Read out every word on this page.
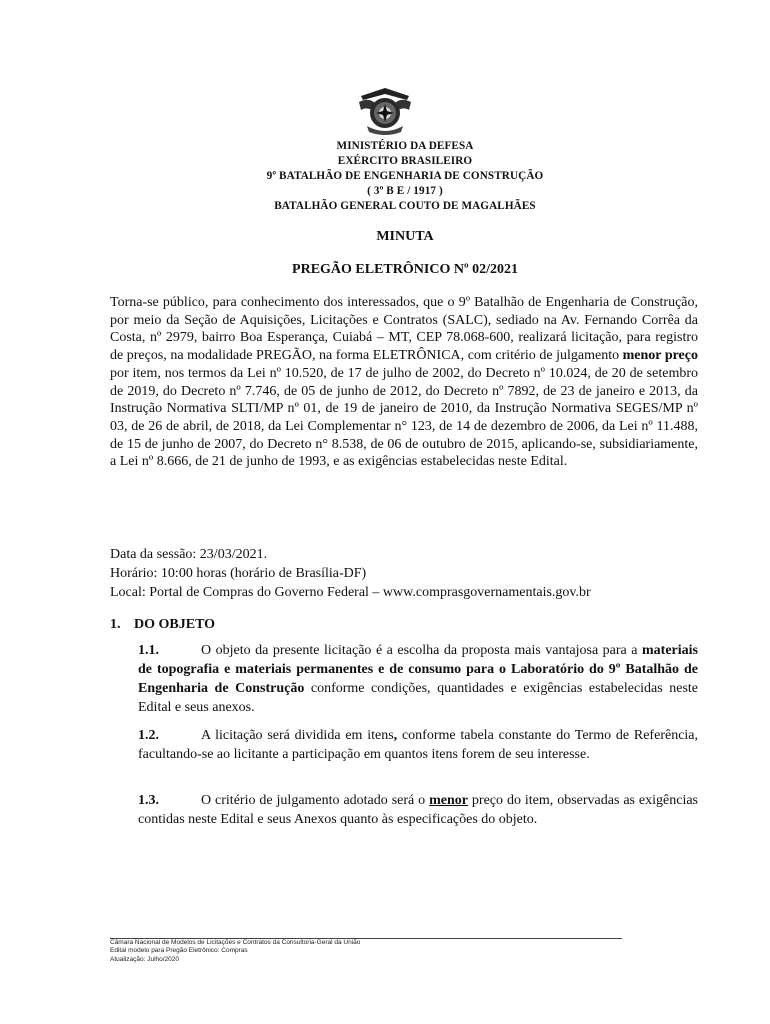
MINISTÉRIO DA DEFESA
EXÉRCITO BRASILEIRO
9º BATALHÃO DE ENGENHARIA DE CONSTRUÇÃO
( 3º B E / 1917 )
BATALHÃO GENERAL COUTO DE MAGALHÃES
MINUTA
PREGÃO ELETRÔNICO Nº 02/2021
Torna-se público, para conhecimento dos interessados, que o 9º Batalhão de Engenharia de Construção, por meio da Seção de Aquisições, Licitações e Contratos (SALC), sediado na Av. Fernando Corrêa da Costa, nº 2979, bairro Boa Esperança, Cuiabá – MT, CEP 78.068-600, realizará licitação, para registro de preços, na modalidade PREGÃO, na forma ELETRÔNICA, com critério de julgamento menor preço por item, nos termos da Lei nº 10.520, de 17 de julho de 2002, do Decreto nº 10.024, de 20 de setembro de 2019, do Decreto nº 7.746, de 05 de junho de 2012, do Decreto nº 7892, de 23 de janeiro e 2013, da Instrução Normativa SLTI/MP nº 01, de 19 de janeiro de 2010, da Instrução Normativa SEGES/MP nº 03, de 26 de abril, de 2018, da Lei Complementar n° 123, de 14 de dezembro de 2006, da Lei nº 11.488, de 15 de junho de 2007, do Decreto n° 8.538, de 06 de outubro de 2015, aplicando-se, subsidiariamente, a Lei nº 8.666, de 21 de junho de 1993, e as exigências estabelecidas neste Edital.
Data da sessão: 23/03/2021.
Horário: 10:00 horas (horário de Brasília-DF)
Local: Portal de Compras do Governo Federal – www.comprasgovernamentais.gov.br
1. DO OBJETO
1.1.	O objeto da presente licitação é a escolha da proposta mais vantajosa para a materiais de topografia e materiais permanentes e de consumo para o Laboratório do 9º Batalhão de Engenharia de Construção conforme condições, quantidades e exigências estabelecidas neste Edital e seus anexos.
1.2.	A licitação será dividida em itens, conforme tabela constante do Termo de Referência, facultando-se ao licitante a participação em quantos itens forem de seu interesse.
1.3.	O critério de julgamento adotado será o menor preço do item, observadas as exigências contidas neste Edital e seus Anexos quanto às especificações do objeto.
Câmara Nacional de Modelos de Licitações e Contratos da Consultoria-Geral da União
Edital modelo para Pregão Eletrônico: Compras
Atualização: Julho/2020
